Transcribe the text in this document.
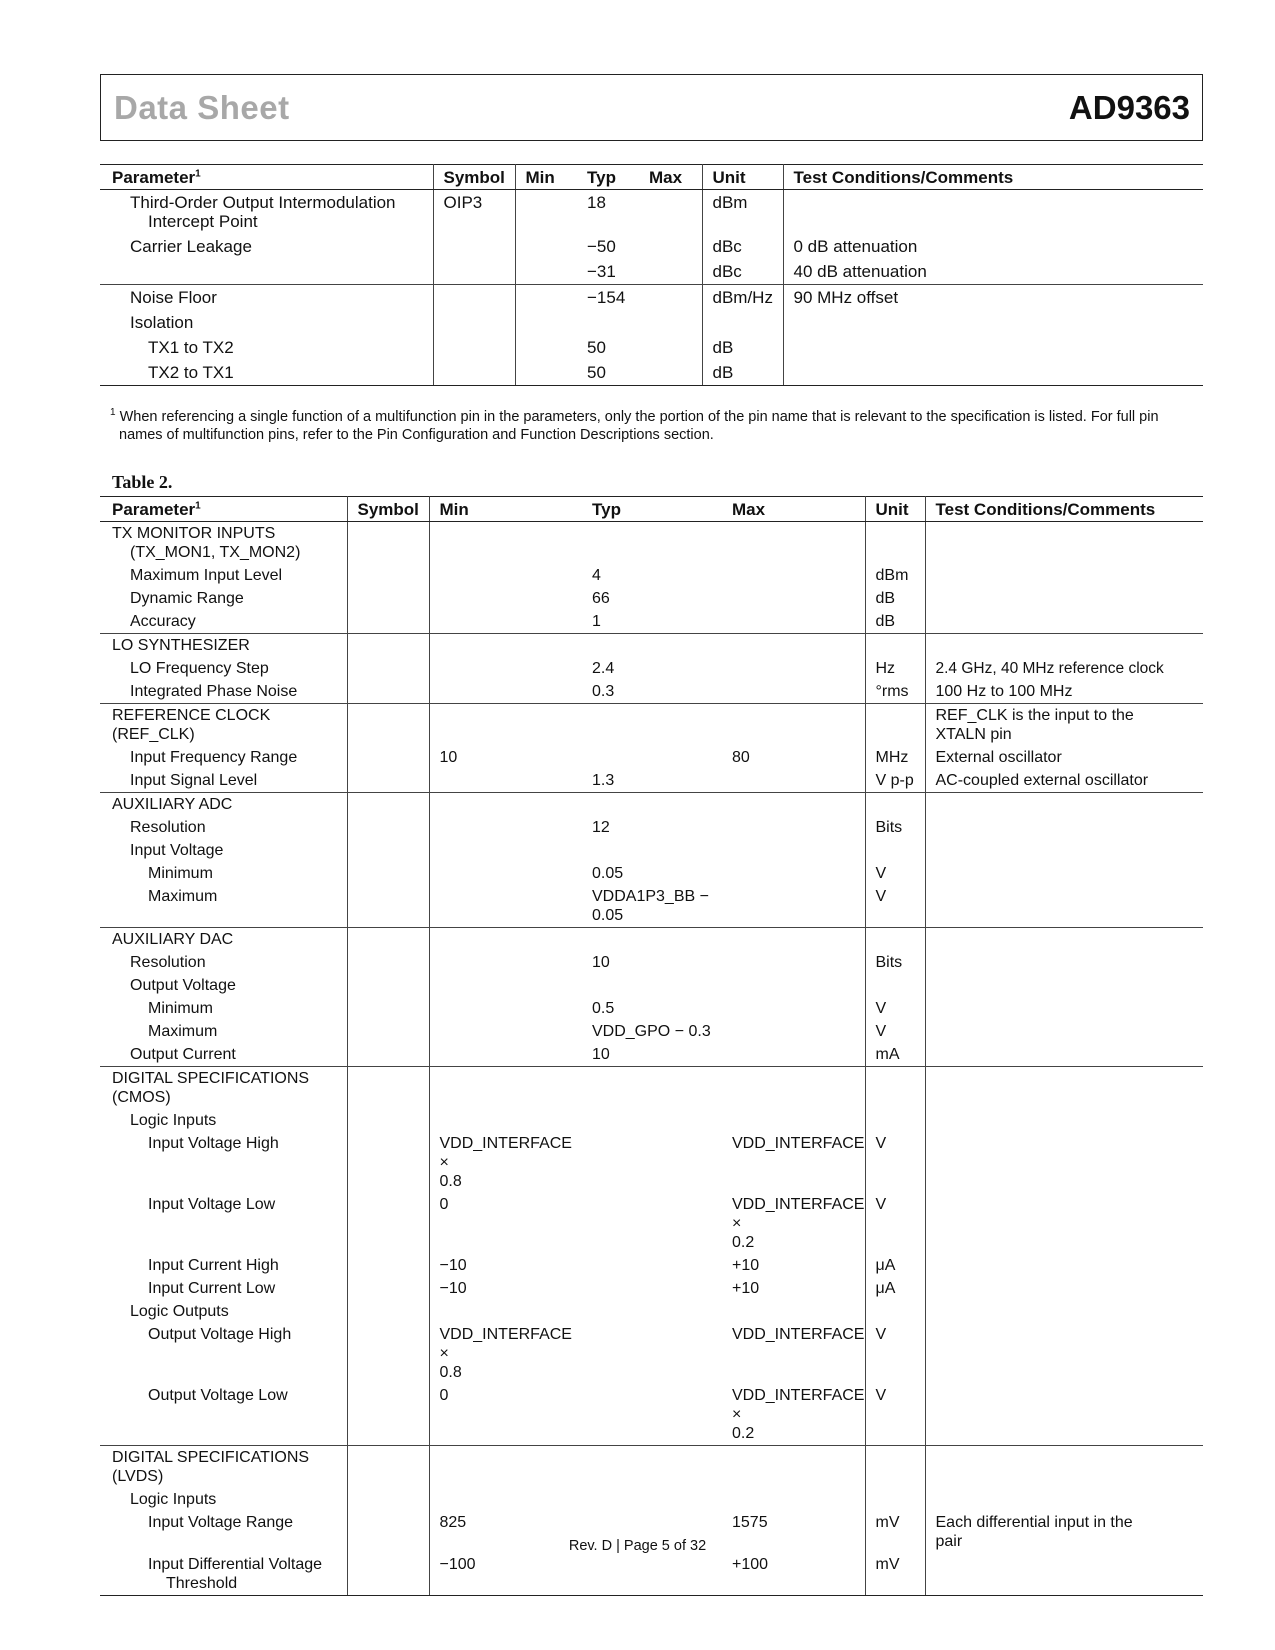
Data Sheet	AD9363
Parameter$^1$	Symbol	Min	Typ	Max	Unit	Test Conditions/Comments
Third-Order Output Intermodulation
Intercept Point	OIP3		18		dBm	
Carrier Leakage			−50		dBc	0 dB attenuation
			−31		dBc	40 dB attenuation
Noise Floor			−154		dBm/Hz	90 MHz offset
Isolation						
TX1 to TX2			50		dB	
TX2 to TX1			50		dB	
$^1$ When referencing a single function of a multifunction pin in the parameters, only the portion of the pin name that is relevant to the specification is listed. For full pin
names of multifunction pins, refer to the Pin Configuration and Function Descriptions section.
Table 2.
Parameter$^1$	Symbol	Min	Typ	Max	Unit	Test Conditions/Comments
TX MONITOR INPUTS
(TX_MON1, TX_MON2)						

Maximum Input Level			4		dBm	
Dynamic Range			66		dB	
Accuracy			1		dB	
LO SYNTHESIZER						
LO Frequency Step			2.4		Hz	2.4 GHz, 40 MHz reference clock
Integrated Phase Noise			0.3		°rms	100 Hz to 100 MHz
REFERENCE CLOCK (REF_CLK)						REF_CLK is the input to the
XTALN pin
Input Frequency Range		10		80	MHz	External oscillator
Input Signal Level			1.3		V p-p	AC-coupled external oscillator
AUXILIARY ADC						
Resolution			12		Bits	
Input Voltage						
Minimum			0.05		V	
Maximum			VDDA1P3_BB −
0.05		V	
AUXILIARY DAC						
Resolution			10		Bits	
Output Voltage						
Minimum			0.5		V	
Maximum			VDD_GPO − 0.3		V	
Output Current			10		mA	
DIGITAL SPECIFICATIONS
(CMOS)						
Logic Inputs						
Input Voltage High		VDD_INTERFACE ×
0.8		VDD_INTERFACE	V	
Input Voltage Low		0		VDD_INTERFACE ×
0.2	V	
Input Current High		−10		+10	μA	
Input Current Low		−10		+10	μA	
Logic Outputs						
Output Voltage High		VDD_INTERFACE ×
0.8		VDD_INTERFACE	V	
Output Voltage Low		0		VDD_INTERFACE ×
0.2	V	
DIGITAL SPECIFICATIONS (LVDS)						
Logic Inputs						
Input Voltage Range		825		1575	mV	Each differential input in the
pair
Input Differential Voltage
Threshold		−100		+100	mV	
Rev. D | Page 5 of 32
